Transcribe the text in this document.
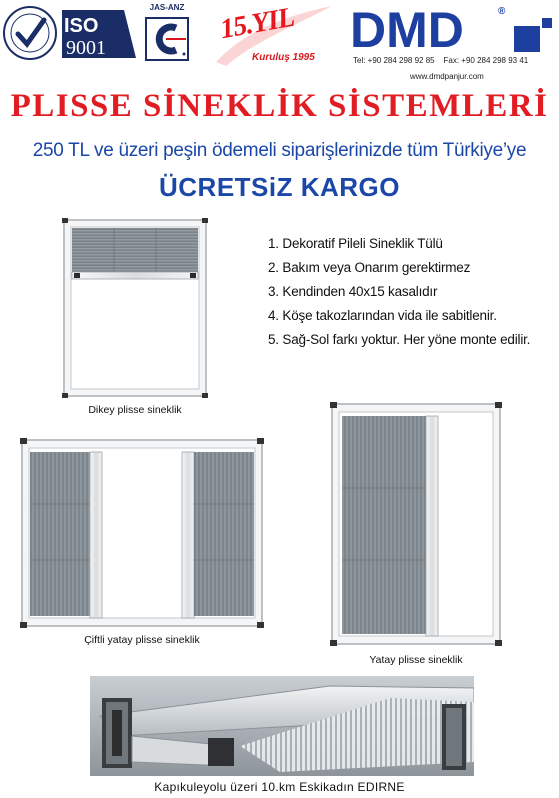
ISO
9001
JAS-ANZ 15.YIL
Kuruluş 1995 DMD	®
Tel: +90 284 298 92 85 Fax: +90 284 298 93 41
www.dmdpanjur.com
PLISSE SİNEKLİK SİSTEMLERİ
250 TL ve üzeri peşin ödemeli siparişlerinizde tüm Türkiye’ye
ÜCRETSiZ KARGO
1. Dekoratif Pileli Sineklik Tülü
2. Bakım veya Onarım gerektirmez
3. Kendinden 40x15 kasalıdır
4. Köşe takozlarından vida ile sabitlenir.
5. Sağ-Sol farkı yoktur. Her yöne monte edilir.
Dikey plisse sineklik
Çiftli yatay plisse sineklik
Yatay plisse sineklik
Kapıkuleyolu üzeri 10.km Eskikadın EDIRNE
